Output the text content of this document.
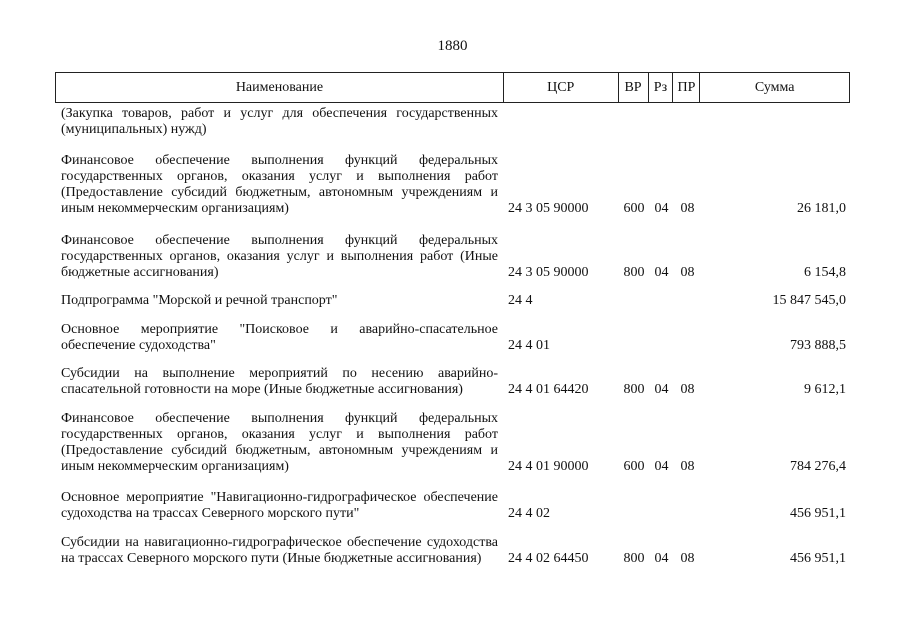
1880
Наименование	ЦСР	ВР Рз ПР	Сумма
(Закупка товаров, работ и услуг для обеспечения государственных (муниципальных) нужд)
Финансовое обеспечение выполнения функций федеральных государственных органов, оказания услуг и выполнения работ (Предоставление субсидий бюджетным, автономным учреждениям и иным некоммерческим организациям)	24 3 05 90000	600 04 08	26 181,0
Финансовое обеспечение выполнения функций федеральных государственных органов, оказания услуг и выполнения работ (Иные бюджетные ассигнования)	24 3 05 90000	800 04 08	6 154,8
Подпрограмма "Морской и речной транспорт"	24 4	15 847 545,0
Основное мероприятие "Поисковое и аварийно-спасательное обеспечение судоходства"	24 4 01	793 888,5
Субсидии на выполнение мероприятий по несению аварийно-спасательной готовности на море (Иные бюджетные ассигнования)	24 4 01 64420	800 04 08	9 612,1
Финансовое обеспечение выполнения функций федеральных государственных органов, оказания услуг и выполнения работ (Предоставление субсидий бюджетным, автономным учреждениям и иным некоммерческим организациям)	24 4 01 90000	600 04 08	784 276,4
Основное мероприятие "Навигационно-гидрографическое обеспечение судоходства на трассах Северного морского пути"	24 4 02	456 951,1
Субсидии на навигационно-гидрографическое обеспечение судоходства на трассах Северного морского пути (Иные бюджетные ассигнования)	24 4 02 64450	800 04 08	456 951,1
